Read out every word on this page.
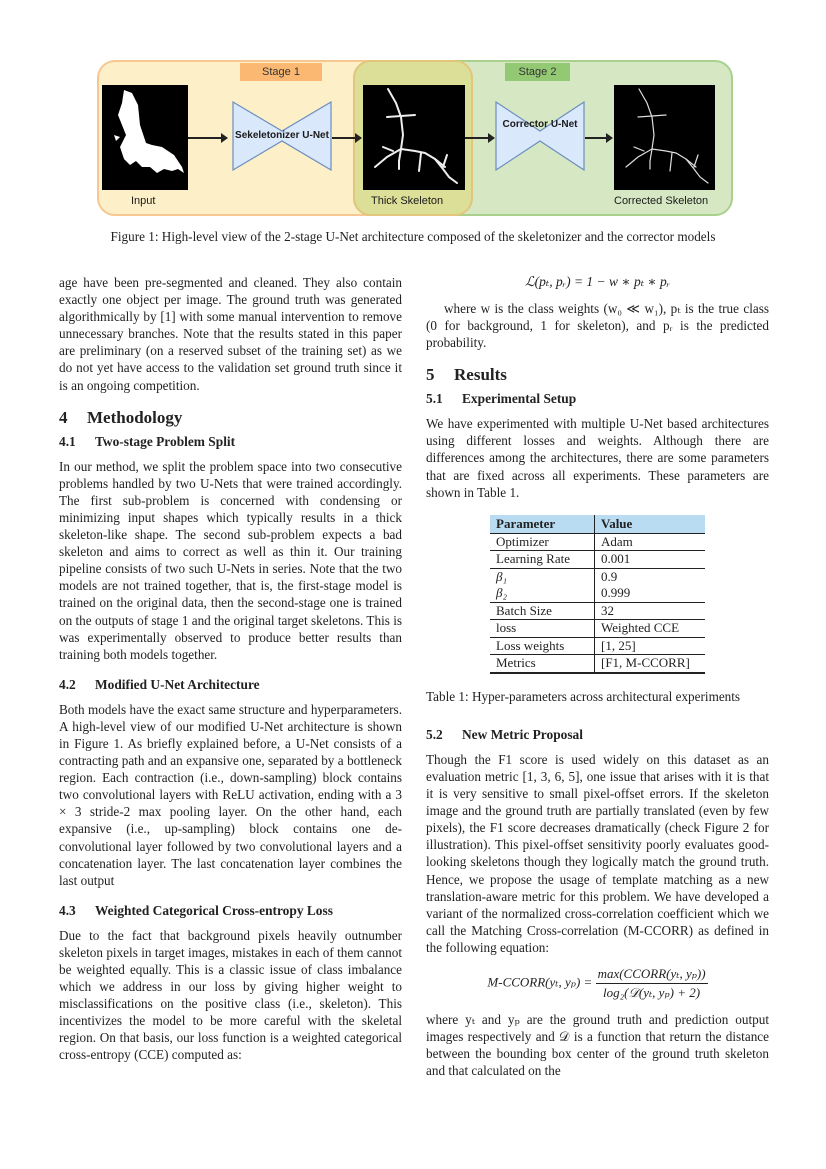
Stage 1	Stage 2
Sekeletonizer U-Net
Corrector U-Net
Input	Thick Skeleton	Corrected Skeleton
Figure 1: High-level view of the 2-stage U-Net architecture composed of the skeletonizer and the corrector models

age have been pre-segmented and cleaned. They also contain exactly one object per image. The ground truth was generated algorithmically by [1] with some manual intervention to remove unnecessary branches. Note that the results stated in this paper are preliminary (on a reserved subset of the training set) as we do not yet have access to the validation set ground truth since it is an ongoing competition.

4 Methodology
4.1 Two-stage Problem Split

In our method, we split the problem space into two consecutive problems handled by two U-Nets that were trained accordingly. The first sub-problem is concerned with condensing or minimizing input shapes which typically results in a thick skeleton-like shape. The second sub-problem expects a bad skeleton and aims to correct as well as thin it. Our training pipeline consists of two such U-Nets in series. Note that the two models are not trained together, that is, the first-stage model is trained on the original data, then the second-stage one is trained on the outputs of stage 1 and the original target skeletons. This is was experimentally observed to produce better results than training both models together.

4.2 Modified U-Net Architecture

Both models have the exact same structure and hyperparameters. A high-level view of our modified U-Net architecture is shown in Figure 1. As briefly explained before, a U-Net consists of a contracting path and an expansive one, separated by a bottleneck region. Each contraction (i.e., down-sampling) block contains two convolutional layers with ReLU activation, ending with a 3 × 3 stride-2 max pooling layer. On the other hand, each expansive (i.e., up-sampling) block contains one deconvolutional layer followed by two convolutional layers and a concatenation layer. The last concatenation layer combines the last output

4.3 Weighted Categorical Cross-entropy Loss

Due to the fact that background pixels heavily outnumber skeleton pixels in target images, mistakes in each of them cannot be weighted equally. This is a classic issue of class imbalance which we address in our loss by giving higher weight to misclassifications on the positive class (i.e., skeleton). This incentivizes the model to be more careful with the skeletal region. On that basis, our loss function is a weighted categorical cross-entropy (CCE) computed as:

ℒ(pₜ, pᵣ) = 1 − w ∗ pₜ ∗ pᵣ

where w is the class weights (w₀ ≪ w₁), pₜ is the true class (0 for background, 1 for skeleton), and pᵣ is the predicted probability.

5 Results
5.1 Experimental Setup

We have experimented with multiple U-Net based architectures using different losses and weights. Although there are differences among the architectures, there are some parameters that are fixed across all experiments. These parameters are shown in Table 1.

Parameter	Value
Optimizer	Adam
Learning Rate	0.001
β₁	0.9
β₂	0.999
Batch Size	32
loss	Weighted CCE
Loss weights	[1, 25]
Metrics	[F1, M-CCORR]

Table 1: Hyper-parameters across architectural experiments

5.2 New Metric Proposal

Though the F1 score is used widely on this dataset as an evaluation metric [1, 3, 6, 5], one issue that arises with it is that it is very sensitive to small pixel-offset errors. If the skeleton image and the ground truth are partially translated (even by few pixels), the F1 score decreases dramatically (check Figure 2 for illustration). This pixel-offset sensitivity poorly evaluates good-looking skeletons though they logically match the ground truth. Hence, we propose the usage of template matching as a new translation-aware metric for this problem. We have developed a variant of the normalized cross-correlation coefficient which we call the Matching Cross-correlation (M-CCORR) as defined in the following equation:

M-CCORR(yₜ, $y_p) = \frac{\text{max(CCORR(yₜ, yₚ))}}{\text{log₂(𝒟(yₜ, yₚ) + 2)}}$

where yₜ and yₚ are the ground truth and prediction output images respectively and 𝒟 is a function that return the distance between the bounding box center of the ground truth skeleton and that calculated on the
